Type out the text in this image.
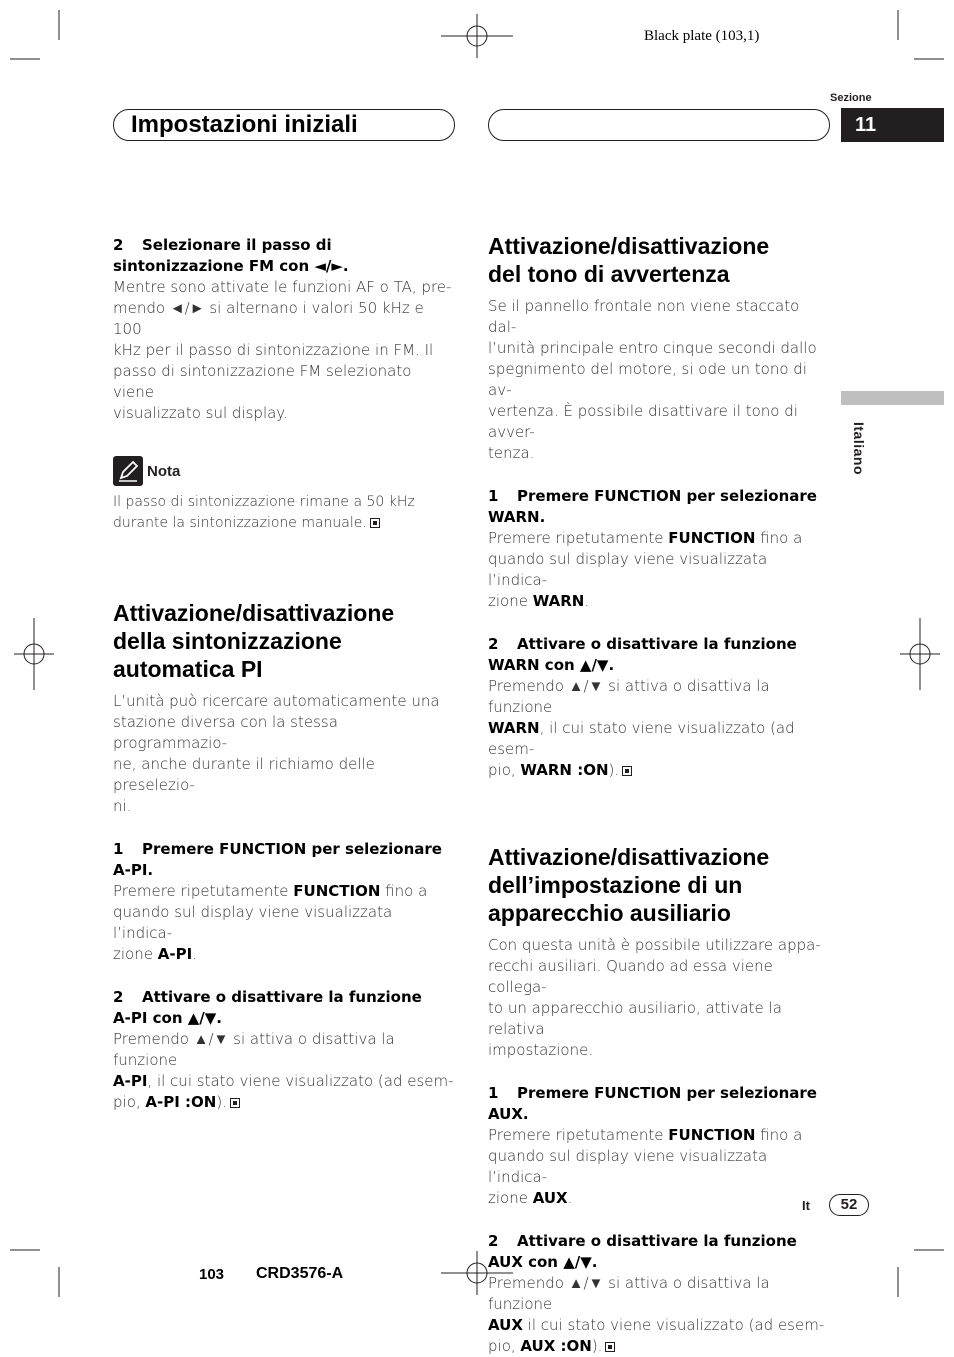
Black plate (103,1)
Impostazioni iniziali
Sezione
11
Italiano

2 Selezionare il passo di

sintonizzazione FM con ◄/►.

Mentre sono attivate le funzioni AF o TA, pre-

mendo ◄/► si alternano i valori 50 kHz e 100

kHz per il passo di sintonizzazione in FM. Il

passo di sintonizzazione FM selezionato viene

visualizzato sul display.

Nota

Il passo di sintonizzazione rimane a 50 kHz

durante la sintonizzazione manuale.

Attivazione/disattivazione
della sintonizzazione
automatica PI

L’unità può ricercare automaticamente una

stazione diversa con la stessa programmazio-

ne, anche durante il richiamo delle preselezio-

ni.

1 Premere FUNCTION per selezionare

A-PI.

Premere ripetutamente FUNCTION fino a

quando sul display viene visualizzata l’indica-

zione A-PI.

2 Attivare o disattivare la funzione

A-PI con ▲/▼.

Premendo ▲/▼ si attiva o disattiva la funzione

A-PI, il cui stato viene visualizzato (ad esem-

pio, A-PI :ON).

Attivazione/disattivazione
del tono di avvertenza

Se il pannello frontale non viene staccato dal-

l’unità principale entro cinque secondi dallo

spegnimento del motore, si ode un tono di av-

vertenza. È possibile disattivare il tono di avver-

tenza.

1 Premere FUNCTION per selezionare

WARN.

Premere ripetutamente FUNCTION fino a

quando sul display viene visualizzata l’indica-

zione WARN.

2 Attivare o disattivare la funzione

WARN con ▲/▼.

Premendo ▲/▼ si attiva o disattiva la funzione

WARN, il cui stato viene visualizzato (ad esem-

pio, WARN :ON).

Attivazione/disattivazione
dell’impostazione di un
apparecchio ausiliario

Con questa unità è possibile utilizzare appa-

recchi ausiliari. Quando ad essa viene collega-

to un apparecchio ausiliario, attivate la relativa

impostazione.

1 Premere FUNCTION per selezionare

AUX.

Premere ripetutamente FUNCTION fino a

quando sul display viene visualizzata l’indica-

zione AUX.

2 Attivare o disattivare la funzione

AUX con ▲/▼.

Premendo ▲/▼ si attiva o disattiva la funzione

AUX il cui stato viene visualizzato (ad esem-

pio, AUX :ON).

It	52
103 CRD3576-A
